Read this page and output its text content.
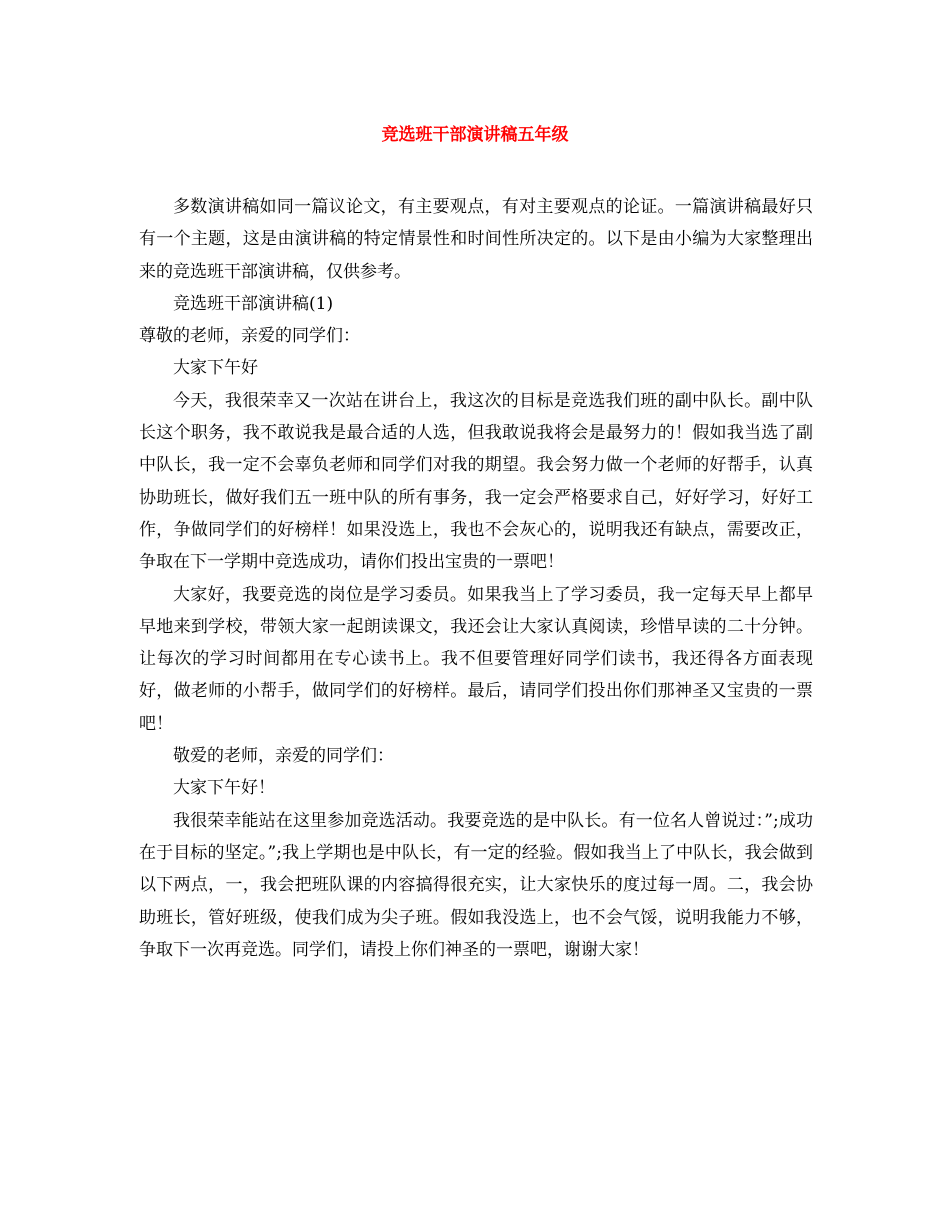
竞选班干部演讲稿五年级

多数演讲稿如同一篇议论文，有主要观点，有对主要观点的论证。一篇演讲稿最好只有一个主题，这是由演讲稿的特定情景性和时间性所决定的。以下是由小编为大家整理出来的竞选班干部演讲稿，仅供参考。

竞选班干部演讲稿(1)

尊敬的老师，亲爱的同学们：

大家下午好

今天，我很荣幸又一次站在讲台上，我这次的目标是竞选我们班的副中队长。副中队长这个职务，我不敢说我是最合适的人选，但我敢说我将会是最努力的！假如我当选了副中队长，我一定不会辜负老师和同学们对我的期望。我会努力做一个老师的好帮手，认真协助班长，做好我们五一班中队的所有事务，我一定会严格要求自己，好好学习，好好工作，争做同学们的好榜样！如果没选上，我也不会灰心的，说明我还有缺点，需要改正，争取在下一学期中竞选成功，请你们投出宝贵的一票吧！

大家好，我要竞选的岗位是学习委员。如果我当上了学习委员，我一定每天早上都早早地来到学校，带领大家一起朗读课文，我还会让大家认真阅读，珍惜早读的二十分钟。让每次的学习时间都用在专心读书上。我不但要管理好同学们读书，我还得各方面表现好，做老师的小帮手，做同学们的好榜样。最后，请同学们投出你们那神圣又宝贵的一票吧！

敬爱的老师，亲爱的同学们：

大家下午好！

我很荣幸能站在这里参加竞选活动。我要竞选的是中队长。有一位名人曾说过：”;成功在于目标的坚定。”;我上学期也是中队长，有一定的经验。假如我当上了中队长，我会做到以下两点，一，我会把班队课的内容搞得很充实，让大家快乐的度过每一周。二，我会协助班长，管好班级，使我们成为尖子班。假如我没选上，也不会气馁，说明我能力不够，争取下一次再竞选。同学们，请投上你们神圣的一票吧，谢谢大家！
